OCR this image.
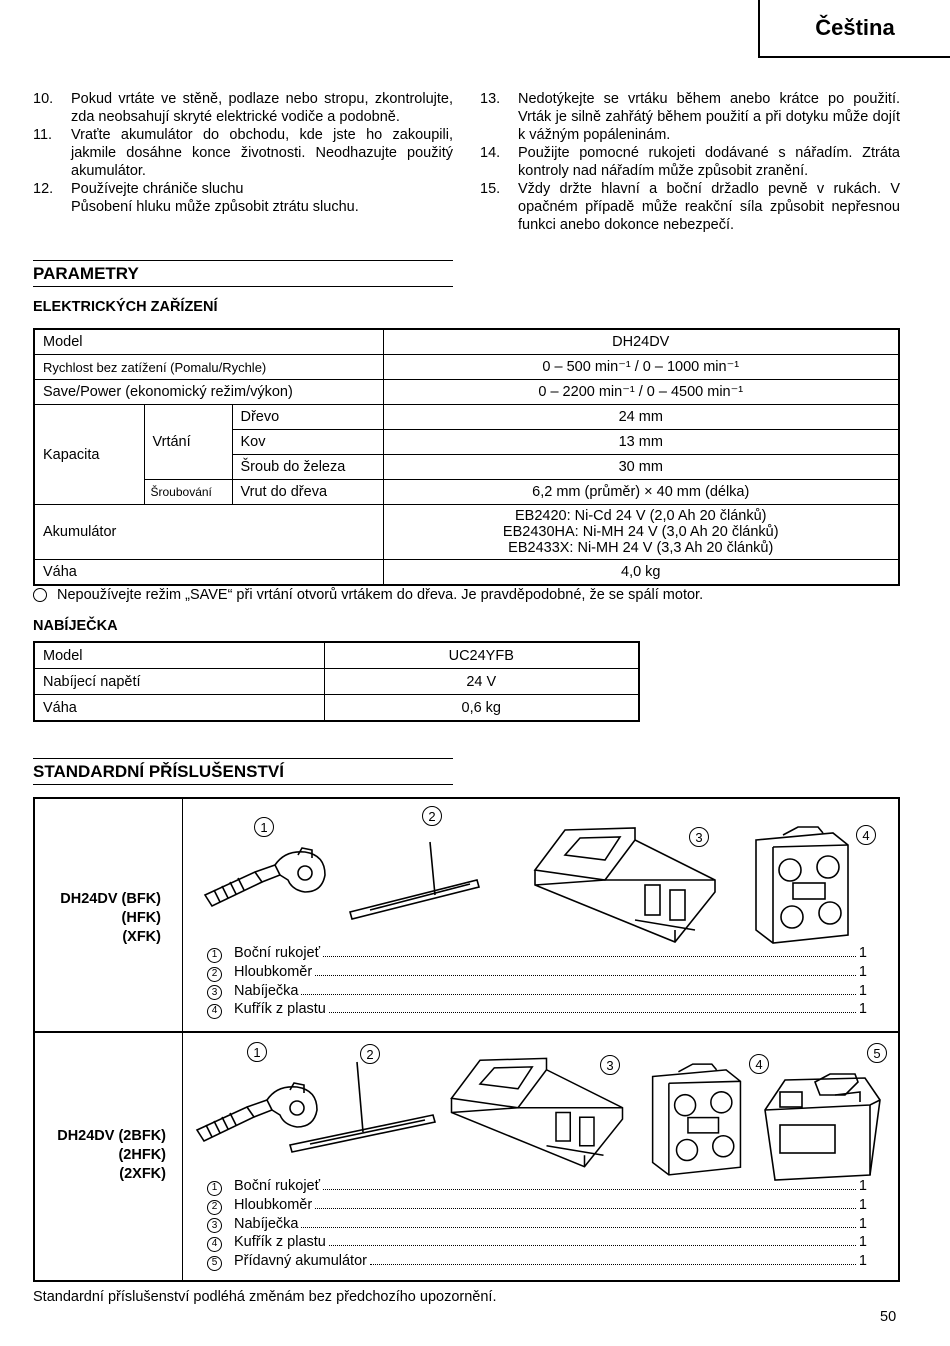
Čeština
10.	Pokud vrtáte ve stěně, podlaze nebo stropu, zkontrolujte, zda neobsahují skryté elektrické vodiče a podobně.
11.	Vraťte akumulátor do obchodu, kde jste ho zakoupili, jakmile dosáhne konce životnosti. Neodhazujte použitý akumulátor.
12.	Používejte chrániče sluchu
Působení hluku může způsobit ztrátu sluchu.
13.	Nedotýkejte se vrtáku během anebo krátce po použití. Vrták je silně zahřátý během použití a při dotyku může dojít k vážným popáleninám.
14.	Použijte pomocné rukojeti dodávané s nářadím. Ztráta kontroly nad nářadím může způsobit zranění.
15.	Vždy držte hlavní a boční držadlo pevně v rukách. V opačném případě může reakční síla způsobit nepřesnou funkci anebo dokonce nebezpečí.
PARAMETRY
ELEKTRICKÝCH ZAŘÍZENÍ
Model			DH24DV
Rychlost bez zatížení (Pomalu/Rychle)			0 – 500 min⁻¹ / 0 – 1000 min⁻¹
Save/Power (ekonomický režim/výkon)			0 – 2200 min⁻¹ / 0 – 4500 min⁻¹
Kapacita	Vrtání	Dřevo	24 mm
		Kov	13 mm
		Šroub do železa	30 mm
	Šroubování	Vrut do dřeva	6,2 mm (průměr) × 40 mm (délka)
Akumulátor			EB2420: Ni-Cd 24 V (2,0 Ah 20 článků)
EB2430HA: Ni-MH 24 V (3,0 Ah 20 článků)
EB2433X: Ni-MH 24 V (3,3 Ah 20 článků)

Váha			4,0 kg
Nepoužívejte režim „SAVE“ při vrtání otvorů vrtákem do dřeva. Je pravděpodobné, že se spálí motor.
NABÍJEČKA
Model	UC24YFB
Nabíjecí napětí	24 V
Váha	0,6 kg
STANDARDNÍ PŘÍSLUŠENSTVÍ
DH24DV (BFK)
(HFK)
(XFK)
1
2
3	4
1	Boční rukojeť	1
2	Hloubkoměr	1
3	Nabíječka	1
4	Kufřík z plastu	1
DH24DV (2BFK)
(2HFK)
(2XFK)
1	2
3	4
5
1	Boční rukojeť	1
2	Hloubkoměr	1
3	Nabíječka	1
4	Kufřík z plastu	1
5	Přídavný akumulátor	1
Standardní příslušenství podléhá změnám bez předchozího upozornění.
50
